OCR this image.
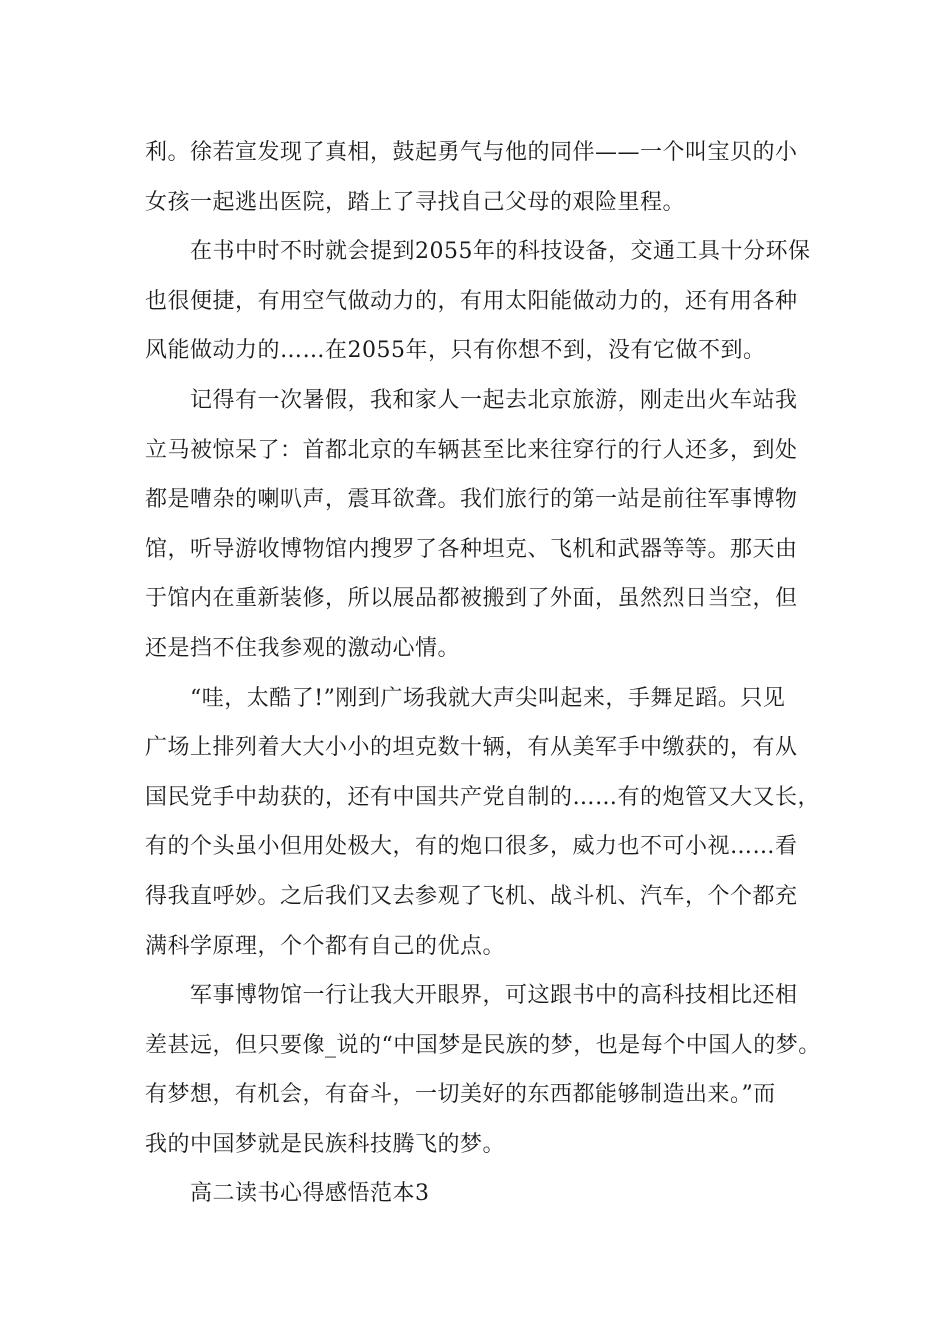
利。徐若宣发现了真相，鼓起勇气与他的同伴——一个叫宝贝的小
女孩一起逃出医院，踏上了寻找自己父母的艰险里程。
在书中时不时就会提到2055年的科技设备，交通工具十分环保
也很便捷，有用空气做动力的，有用太阳能做动力的，还有用各种
风能做动力的……在2055年，只有你想不到，没有它做不到。
记得有一次暑假，我和家人一起去北京旅游，刚走出火车站我
立马被惊呆了：首都北京的车辆甚至比来往穿行的行人还多，到处
都是嘈杂的喇叭声，震耳欲聋。我们旅行的第一站是前往军事博物
馆，听导游收博物馆内搜罗了各种坦克、飞机和武器等等。那天由
于馆内在重新装修，所以展品都被搬到了外面，虽然烈日当空，但
还是挡不住我参观的激动心情。
“哇，太酷了!”刚到广场我就大声尖叫起来，手舞足蹈。只见
广场上排列着大大小小的坦克数十辆，有从美军手中缴获的，有从
国民党手中劫获的，还有中国共产党自制的……有的炮管又大又长，
有的个头虽小但用处极大，有的炮口很多，威力也不可小视……看
得我直呼妙。之后我们又去参观了飞机、战斗机、汽车，个个都充
满科学原理，个个都有自己的优点。
军事博物馆一行让我大开眼界，可这跟书中的高科技相比还相
差甚远，但只要像_说的“中国梦是民族的梦，也是每个中国人的梦。
有梦想，有机会，有奋斗，一切美好的东西都能够制造出来。”而
我的中国梦就是民族科技腾飞的梦。
高二读书心得感悟范本3
